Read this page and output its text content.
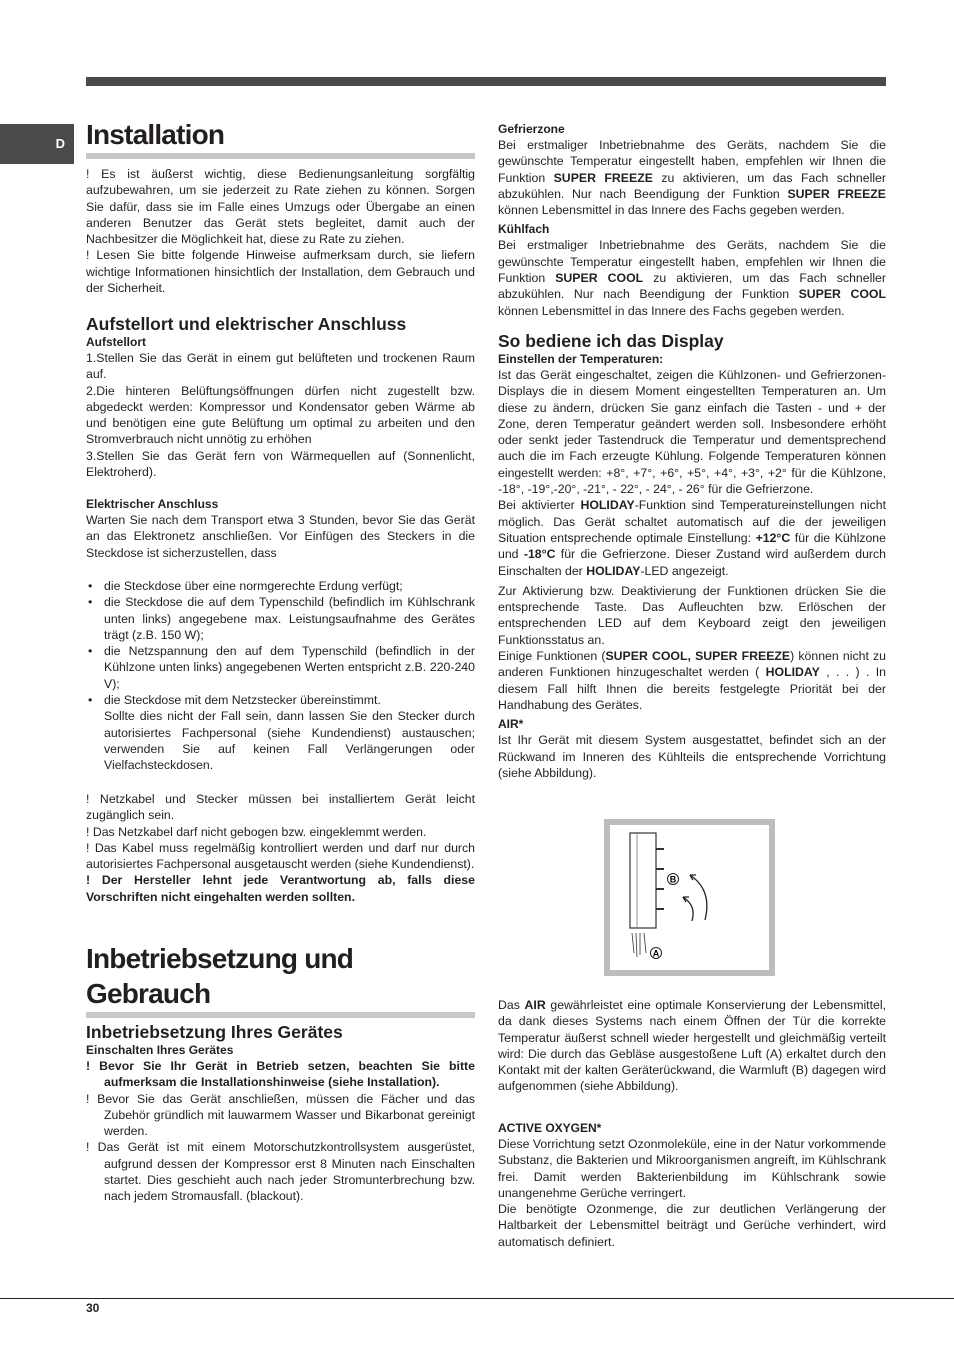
D Installation

! Es ist äußerst wichtig, diese Bedienungsanleitung sorgfältig aufzubewahren, um sie jederzeit zu Rate ziehen zu können. Sorgen Sie dafür, dass sie im Falle eines Umzugs oder Übergabe an einen anderen Benutzer das Gerät stets begleitet, damit auch der Nachbesitzer die Möglichkeit hat, diese zu Rate zu ziehen.

! Lesen Sie bitte folgende Hinweise aufmerksam durch, sie liefern wichtige Informationen hinsichtlich der Installation, dem Gebrauch und der Sicherheit.

Aufstellort und elektrischer Anschluss

Aufstellort

1.Stellen Sie das Gerät in einem gut belüfteten und trockenen Raum auf.

2.Die hinteren Belüftungsöffnungen dürfen nicht zugestellt bzw. abgedeckt werden: Kompressor und Kondensator geben Wärme ab und benötigen eine gute Belüftung um optimal zu arbeiten und den Stromverbrauch nicht unnötig zu erhöhen

3.Stellen Sie das Gerät fern von Wärmequellen auf (Sonnenlicht, Elektroherd).

Elektrischer Anschluss

Warten Sie nach dem Transport etwa 3 Stunden, bevor Sie das Gerät an das Elektronetz anschließen. Vor Einfügen des Steckers in die Steckdose ist sicherzustellen, dass

• die Steckdose über eine normgerechte Erdung verfügt;
• die Steckdose die auf dem Typenschild (befindlich im Kühlschrank unten links) angegebene max. Leistungsaufnahme des Gerätes trägt (z.B. 150 W);
• die Netzspannung den auf dem Typenschild (befindlich in der Kühlzone unten links) angegebenen Werten entspricht z.B. 220-240 V);
• die Steckdose mit dem Netzstecker übereinstimmt.

Sollte dies nicht der Fall sein, dann lassen Sie den Stecker durch autorisiertes Fachpersonal (siehe Kundendienst) austauschen; verwenden Sie auf keinen Fall Verlängerungen oder Vielfachsteckdosen.

! Netzkabel und Stecker müssen bei installiertem Gerät leicht zugänglich sein.

! Das Netzkabel darf nicht gebogen bzw. eingeklemmt werden.

! Das Kabel muss regelmäßig kontrolliert werden und darf nur durch autorisiertes Fachpersonal ausgetauscht werden (siehe Kundendienst).

! Der Hersteller lehnt jede Verantwortung ab, falls diese Vorschriften nicht eingehalten werden sollten.

Inbetriebsetzung und
Gebrauch

Inbetriebsetzung Ihres Gerätes

Einschalten Ihres Gerätes

! Bevor Sie Ihr Gerät in Betrieb setzen, beachten Sie bitte aufmerksam die Installationshinweise (siehe Installation).

! Bevor Sie das Gerät anschließen, müssen die Fächer und das Zubehör gründlich mit lauwarmem Wasser und Bikarbonat gereinigt werden.

! Das Gerät ist mit einem Motorschutzkontrollsystem ausgerüstet, aufgrund dessen der Kompressor erst 8 Minuten nach Einschalten startet. Dies geschieht auch nach jeder Stromunterbrechung bzw. nach jedem Stromausfall. (blackout).

Gefrierzone

Bei erstmaliger Inbetriebnahme des Geräts, nachdem Sie die gewünschte Temperatur eingestellt haben, empfehlen wir Ihnen die Funktion SUPER FREEZE zu aktivieren, um das Fach schneller abzukühlen. Nur nach Beendigung der Funktion SUPER FREEZE können Lebensmittel in das Innere des Fachs gegeben werden.

Kühlfach

Bei erstmaliger Inbetriebnahme des Geräts, nachdem Sie die gewünschte Temperatur eingestellt haben, empfehlen wir Ihnen die Funktion SUPER COOL zu aktivieren, um das Fach schneller abzukühlen. Nur nach Beendigung der Funktion SUPER COOL können Lebensmittel in das Innere des Fachs gegeben werden.

So bediene ich das Display

Einstellen der Temperaturen:

Ist das Gerät eingeschaltet, zeigen die Kühlzonen- und Gefrierzonen-Displays die in diesem Moment eingestellten Temperaturen an. Um diese zu ändern, drücken Sie ganz einfach die Tasten - und + der Zone, deren Temperatur geändert werden soll. Insbesondere erhöht oder senkt jeder Tastendruck die Temperatur und dementsprechend auch die im Fach erzeugte Kühlung. Folgende Temperaturen können eingestellt werden: +8°, +7°, +6°, +5°, +4°, +3°, +2° für die Kühlzone, -18°, -19°,-20°, -21°, - 22°, - 24°, - 26° für die Gefrierzone.

Bei aktivierter HOLIDAY-Funktion sind Temperatureinstellungen nicht möglich. Das Gerät schaltet automatisch auf die der jeweiligen Situation entsprechende optimale Einstellung: +12°C für die Kühlzone und -18°C für die Gefrierzone. Dieser Zustand wird außerdem durch Einschalten der HOLIDAY-LED angezeigt.

Zur Aktivierung bzw. Deaktivierung der Funktionen drücken Sie die entsprechende Taste. Das Aufleuchten bzw. Erlöschen der entsprechenden LED auf dem Keyboard zeigt den jeweiligen Funktionsstatus an.

Einige Funktionen (SUPER COOL, SUPER FREEZE) können nicht zu anderen Funktionen hinzugeschaltet werden ( HOLIDAY , . . ) . In diesem Fall hilft Ihnen die bereits festgelegte Priorität bei der Handhabung des Gerätes.

AIR*

Ist Ihr Gerät mit diesem System ausgestattet, befindet sich an der Rückwand im Inneren des Kühlteils die entsprechende Vorrichtung (siehe Abbildung).

B
A

Das AIR gewährleistet eine optimale Konservierung der Lebensmittel, da dank dieses Systems nach einem Öffnen der Tür die korrekte Temperatur äußerst schnell wieder hergestellt und gleichmäßig verteilt wird: Die durch das Gebläse ausgestoßene Luft (A) erkaltet durch den Kontakt mit der kalten Geräterückwand, die Warmluft (B) dagegen wird aufgenommen (siehe Abbildung).

ACTIVE OXYGEN*

Diese Vorrichtung setzt Ozonmoleküle, eine in der Natur vorkommende Substanz, die Bakterien und Mikroorganismen angreift, im Kühlschrank frei. Damit werden Bakterienbildung im Kühlschrank sowie unangenehme Gerüche verringert.

Die benötigte Ozonmenge, die zur deutlichen Verlängerung der Haltbarkeit der Lebensmittel beiträgt und Gerüche verhindert, wird automatisch definiert.

30
